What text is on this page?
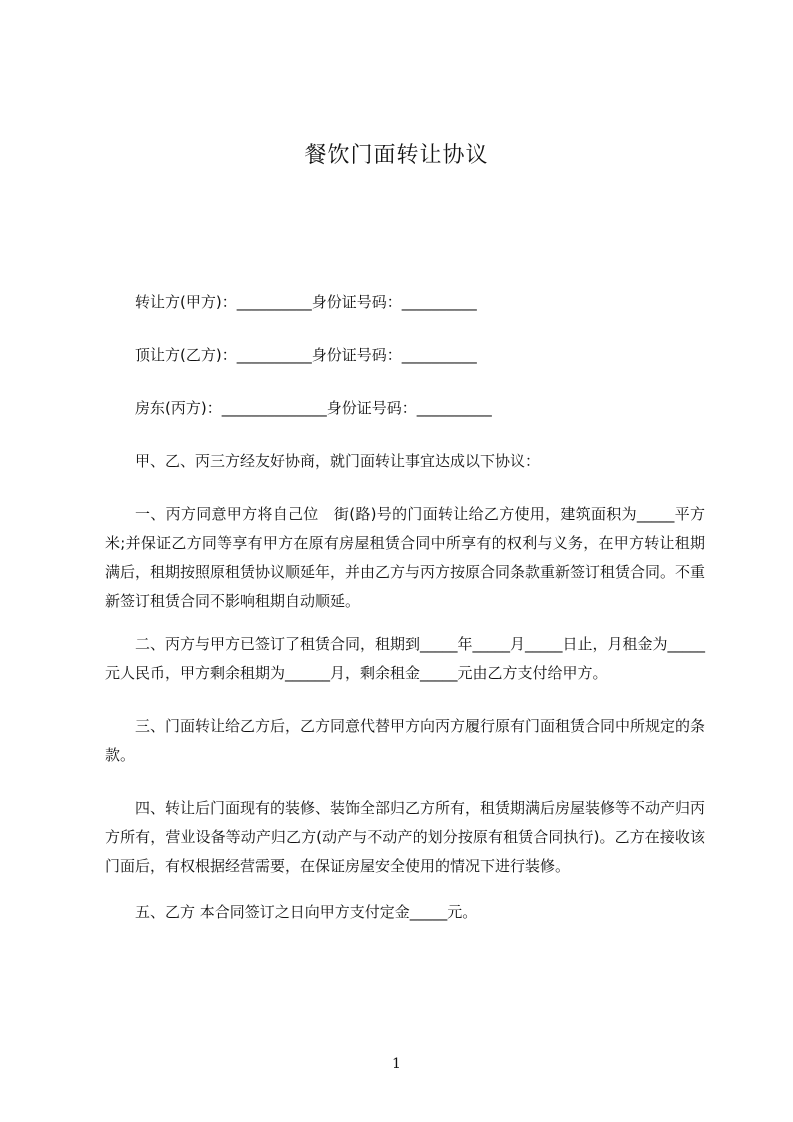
餐饮门面转让协议
转让方(甲方)：__________身份证号码：__________
顶让方(乙方)：__________身份证号码：__________
房东(丙方)：______________身份证号码：__________
甲、乙、丙三方经友好协商，就门面转让事宜达成以下协议：
一、丙方同意甲方将自己位　街(路)号的门面转让给乙方使用，建筑面积为_____平方米;并保证乙方同等享有甲方在原有房屋租赁合同中所享有的权利与义务，在甲方转让租期满后，租期按照原租赁协议顺延年，并由乙方与丙方按原合同条款重新签订租赁合同。不重新签订租赁合同不影响租期自动顺延。
二、丙方与甲方已签订了租赁合同，租期到_____年_____月_____日止，月租金为_____元人民币，甲方剩余租期为______月，剩余租金_____元由乙方支付给甲方。
三、门面转让给乙方后，乙方同意代替甲方向丙方履行原有门面租赁合同中所规定的条款。
四、转让后门面现有的装修、装饰全部归乙方所有，租赁期满后房屋装修等不动产归丙方所有，营业设备等动产归乙方(动产与不动产的划分按原有租赁合同执行)。乙方在接收该门面后，有权根据经营需要，在保证房屋安全使用的情况下进行装修。
五、乙方 本合同签订之日向甲方支付定金_____元。
1
